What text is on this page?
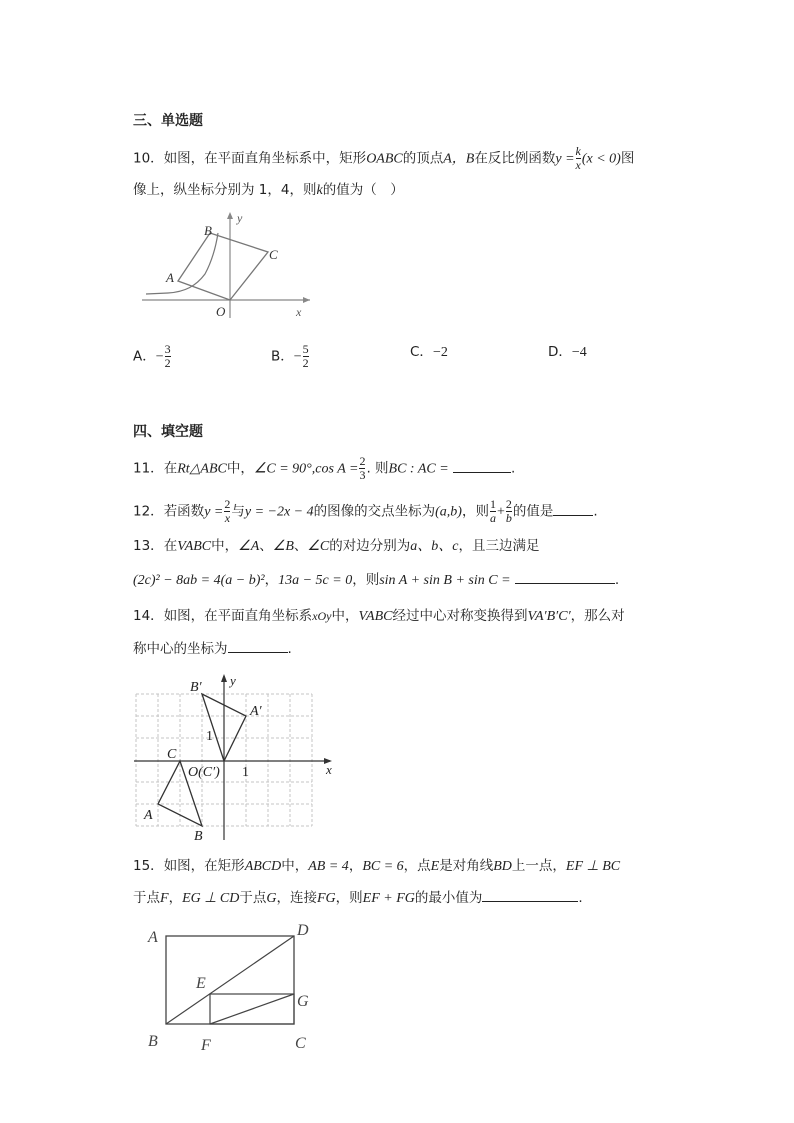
三、单选题
10．如图，在平面直角坐标系中，矩形OABC的顶点A，B在反比例函数$y = \frac{k}{x} (x < 0)$图
像上，纵坐标分别为 1，4，则k的值为（　）
B
A
C
O	x
y
A．− $\frac{3}{2}$	B．− $\frac{5}{2}$	C．−2	D．−4
四、填空题
11．在Rt△ABC中，∠C = 90°,cos $A = \frac{2}{3}$ . 则BC : AC =	.
12．若函数$y = \frac{2}{x}$ 与y = −2x − 4的图像的交点坐标为(a,b)，则 $\frac{1}{a} + \frac{2}{b}$ 的值是	.
13．在VABC中，∠A、∠B、∠C的对边分别为a、b、c，且三边满足
(2c)² − 8ab = 4(a − b)²，13a − 5c = 0，则sin A + sin B + sin C =	.
14．如图，在平面直角坐标系xOy中，VABC经过中心对称变换得到VA′B′C′，那么对
称中心的坐标为	.
B′
A′
1
C
O(C′) 1
A
B
x
y
15．如图，在矩形ABCD中，AB = 4，BC = 6，点E是对角线BD上一点，EF ⊥ BC
于点F，EG ⊥ CD于点G，连接FG，则EF + FG的最小值为	.
A	D
E
G
B	F	C
